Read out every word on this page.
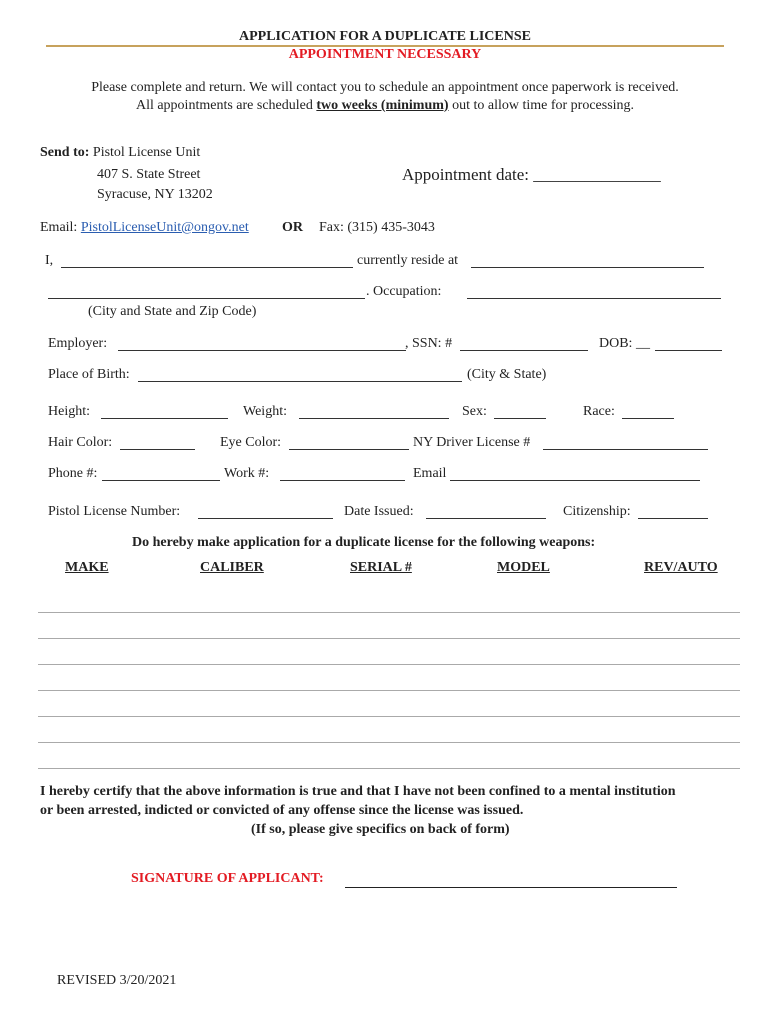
APPLICATION FOR A DUPLICATE LICENSE
APPOINTMENT NECESSARY
Please complete and return. We will contact you to schedule an appointment once paperwork is received.
All appointments are scheduled two weeks (minimum) out to allow time for processing.
Send to: Pistol License Unit
407 S. State Street
Syracuse, NY 13202
Appointment date: _______________
Email: PistolLicenseUnit@ongov.net OR Fax: (315) 435-3043
I,	currently reside at
. Occupation:
(City and State and Zip Code)
Employer:	, SSN: #	DOB: __
Place of Birth:	(City & State)
Height:	Weight:	Sex:	Race:
Hair Color:	Eye Color:	NY Driver License #
Phone #:	Work #:	Email
Pistol License Number:	Date Issued:	Citizenship:
Do hereby make application for a duplicate license for the following weapons:
MAKE	CALIBER	SERIAL #	MODEL	REV/AUTO
I hereby certify that the above information is true and that I have not been confined to a mental institution
or been arrested, indicted or convicted of any offense since the license was issued.
(If so, please give specifics on back of form)
SIGNATURE OF APPLICANT:
REVISED 3/20/2021
